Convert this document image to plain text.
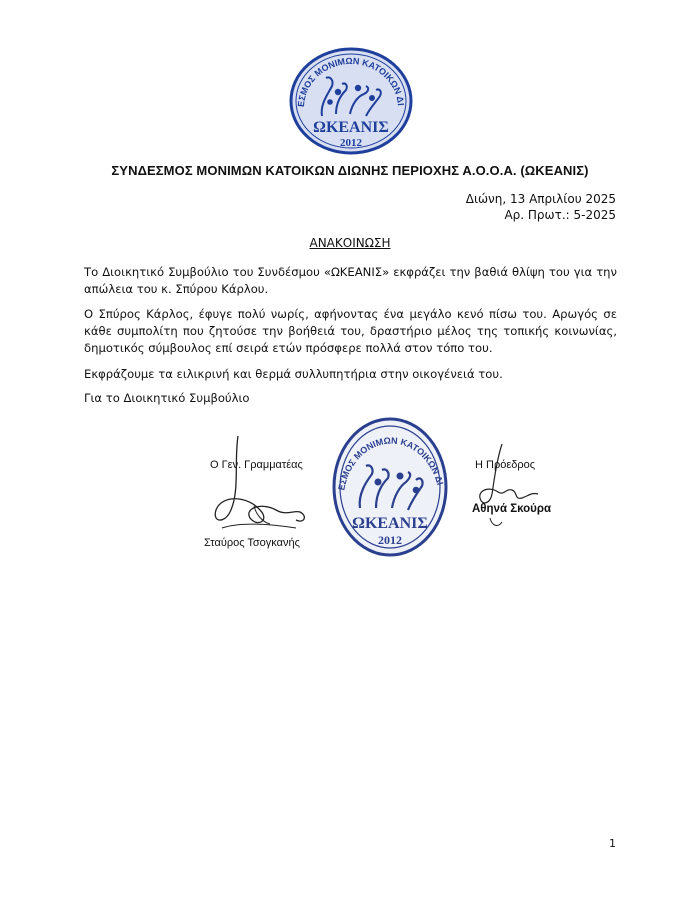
ΕΣΜΟΣ ΜΟΝΙΜΩΝ ΚΑΤΟΙΚΩΝ ΔΙ
ΩΚΕΑΝΙΣ
2012
ΣΥΝΔΕΣΜΟΣ ΜΟΝΙΜΩΝ ΚΑΤΟΙΚΩΝ ΔΙΩΝΗΣ ΠΕΡΙΟΧΗΣ Α.Ο.Ο.Α. (ΩΚΕΑΝΙΣ)
Διώνη, 13 Απριλίου 2025
Αρ. Πρωτ.: 5-2025
ΑΝΑΚΟΙΝΩΣΗ
Το Διοικητικό Συμβούλιο του Συνδέσμου «ΩΚΕΑΝΙΣ» εκφράζει την βαθιά θλίψη του για την απώλεια του κ. Σπύρου Κάρλου.
Ο Σπύρος Κάρλος, έφυγε πολύ νωρίς, αφήνοντας ένα μεγάλο κενό πίσω του. Αρωγός σε κάθε συμπολίτη που ζητούσε την βοήθειά του, δραστήριο μέλος της τοπικής κοινωνίας, δημοτικός σύμβουλος επί σειρά ετών πρόσφερε πολλά στον τόπο του.
Εκφράζουμε τα ειλικρινή και θερμά συλλυπητήρια στην οικογένειά του.
Για το Διοικητικό Συμβούλιο
Ο Γεν. Γραμματέας
Σταύρος Τσογκανής
ΕΣΜΟΣ ΜΟΝΙΜΩΝ ΚΑΤΟΙΚΩΝ ΔΙ
ΩΚΕΑΝΙΣ
2012
Η Πρόεδρος
Αθηνά Σκούρα
1
